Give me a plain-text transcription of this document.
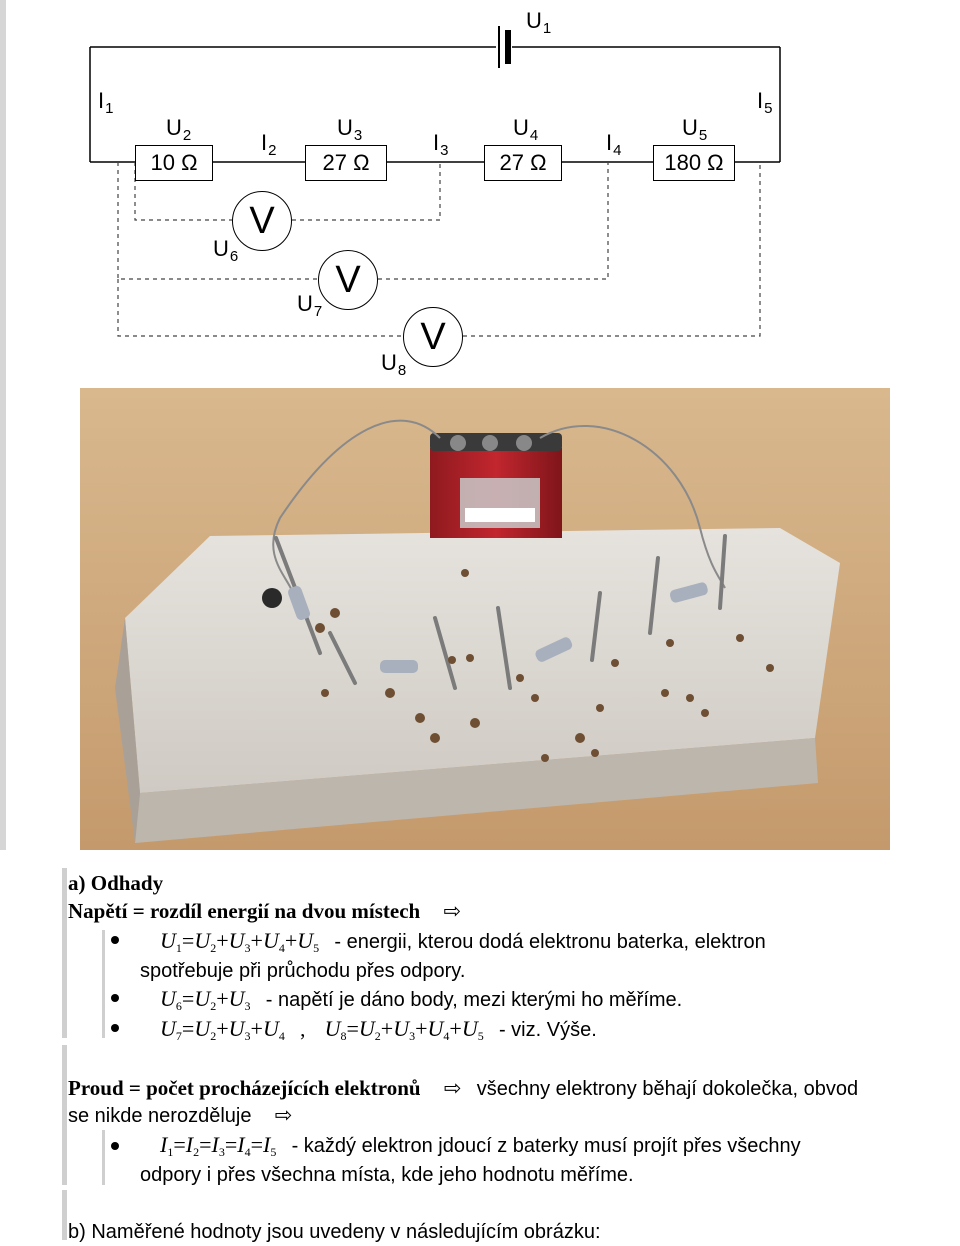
$U_1$
$I_1$
$I_2$	$I_3$	$I_4$
$I_5$
$U_2$	$U_3$	$U_4$	$U_5$
10 Ω	27 Ω	27 Ω	180 Ω
V
$U_6$
V
$U_7$
V
$U_8$
a) Odhady
Napětí = rozdíl energií na dvou místech ⇨
$U_1=U_2+U_3+U_4+U_5$ - energii, kterou dodá elektronu baterka, elektron
spotřebuje při průchodu přes odpory.
$U_6=U_2+U_3$ - napětí je dáno body, mezi kterými ho měříme.
$U_7=U_2+U_3+U_4$ , $U_8=U_2+U_3+U_4+U_5$ - viz. Výše.
Proud = počet procházejících elektronů ⇨ všechny elektrony běhají dokolečka, obvod
se nikde nerozděluje ⇨
$I_1=I_2=I_3=I_4=I_5$ - každý elektron jdoucí z baterky musí projít přes všechny
odpory i přes všechna místa, kde jeho hodnotu měříme.
b) Naměřené hodnoty jsou uvedeny v následujícím obrázku:
